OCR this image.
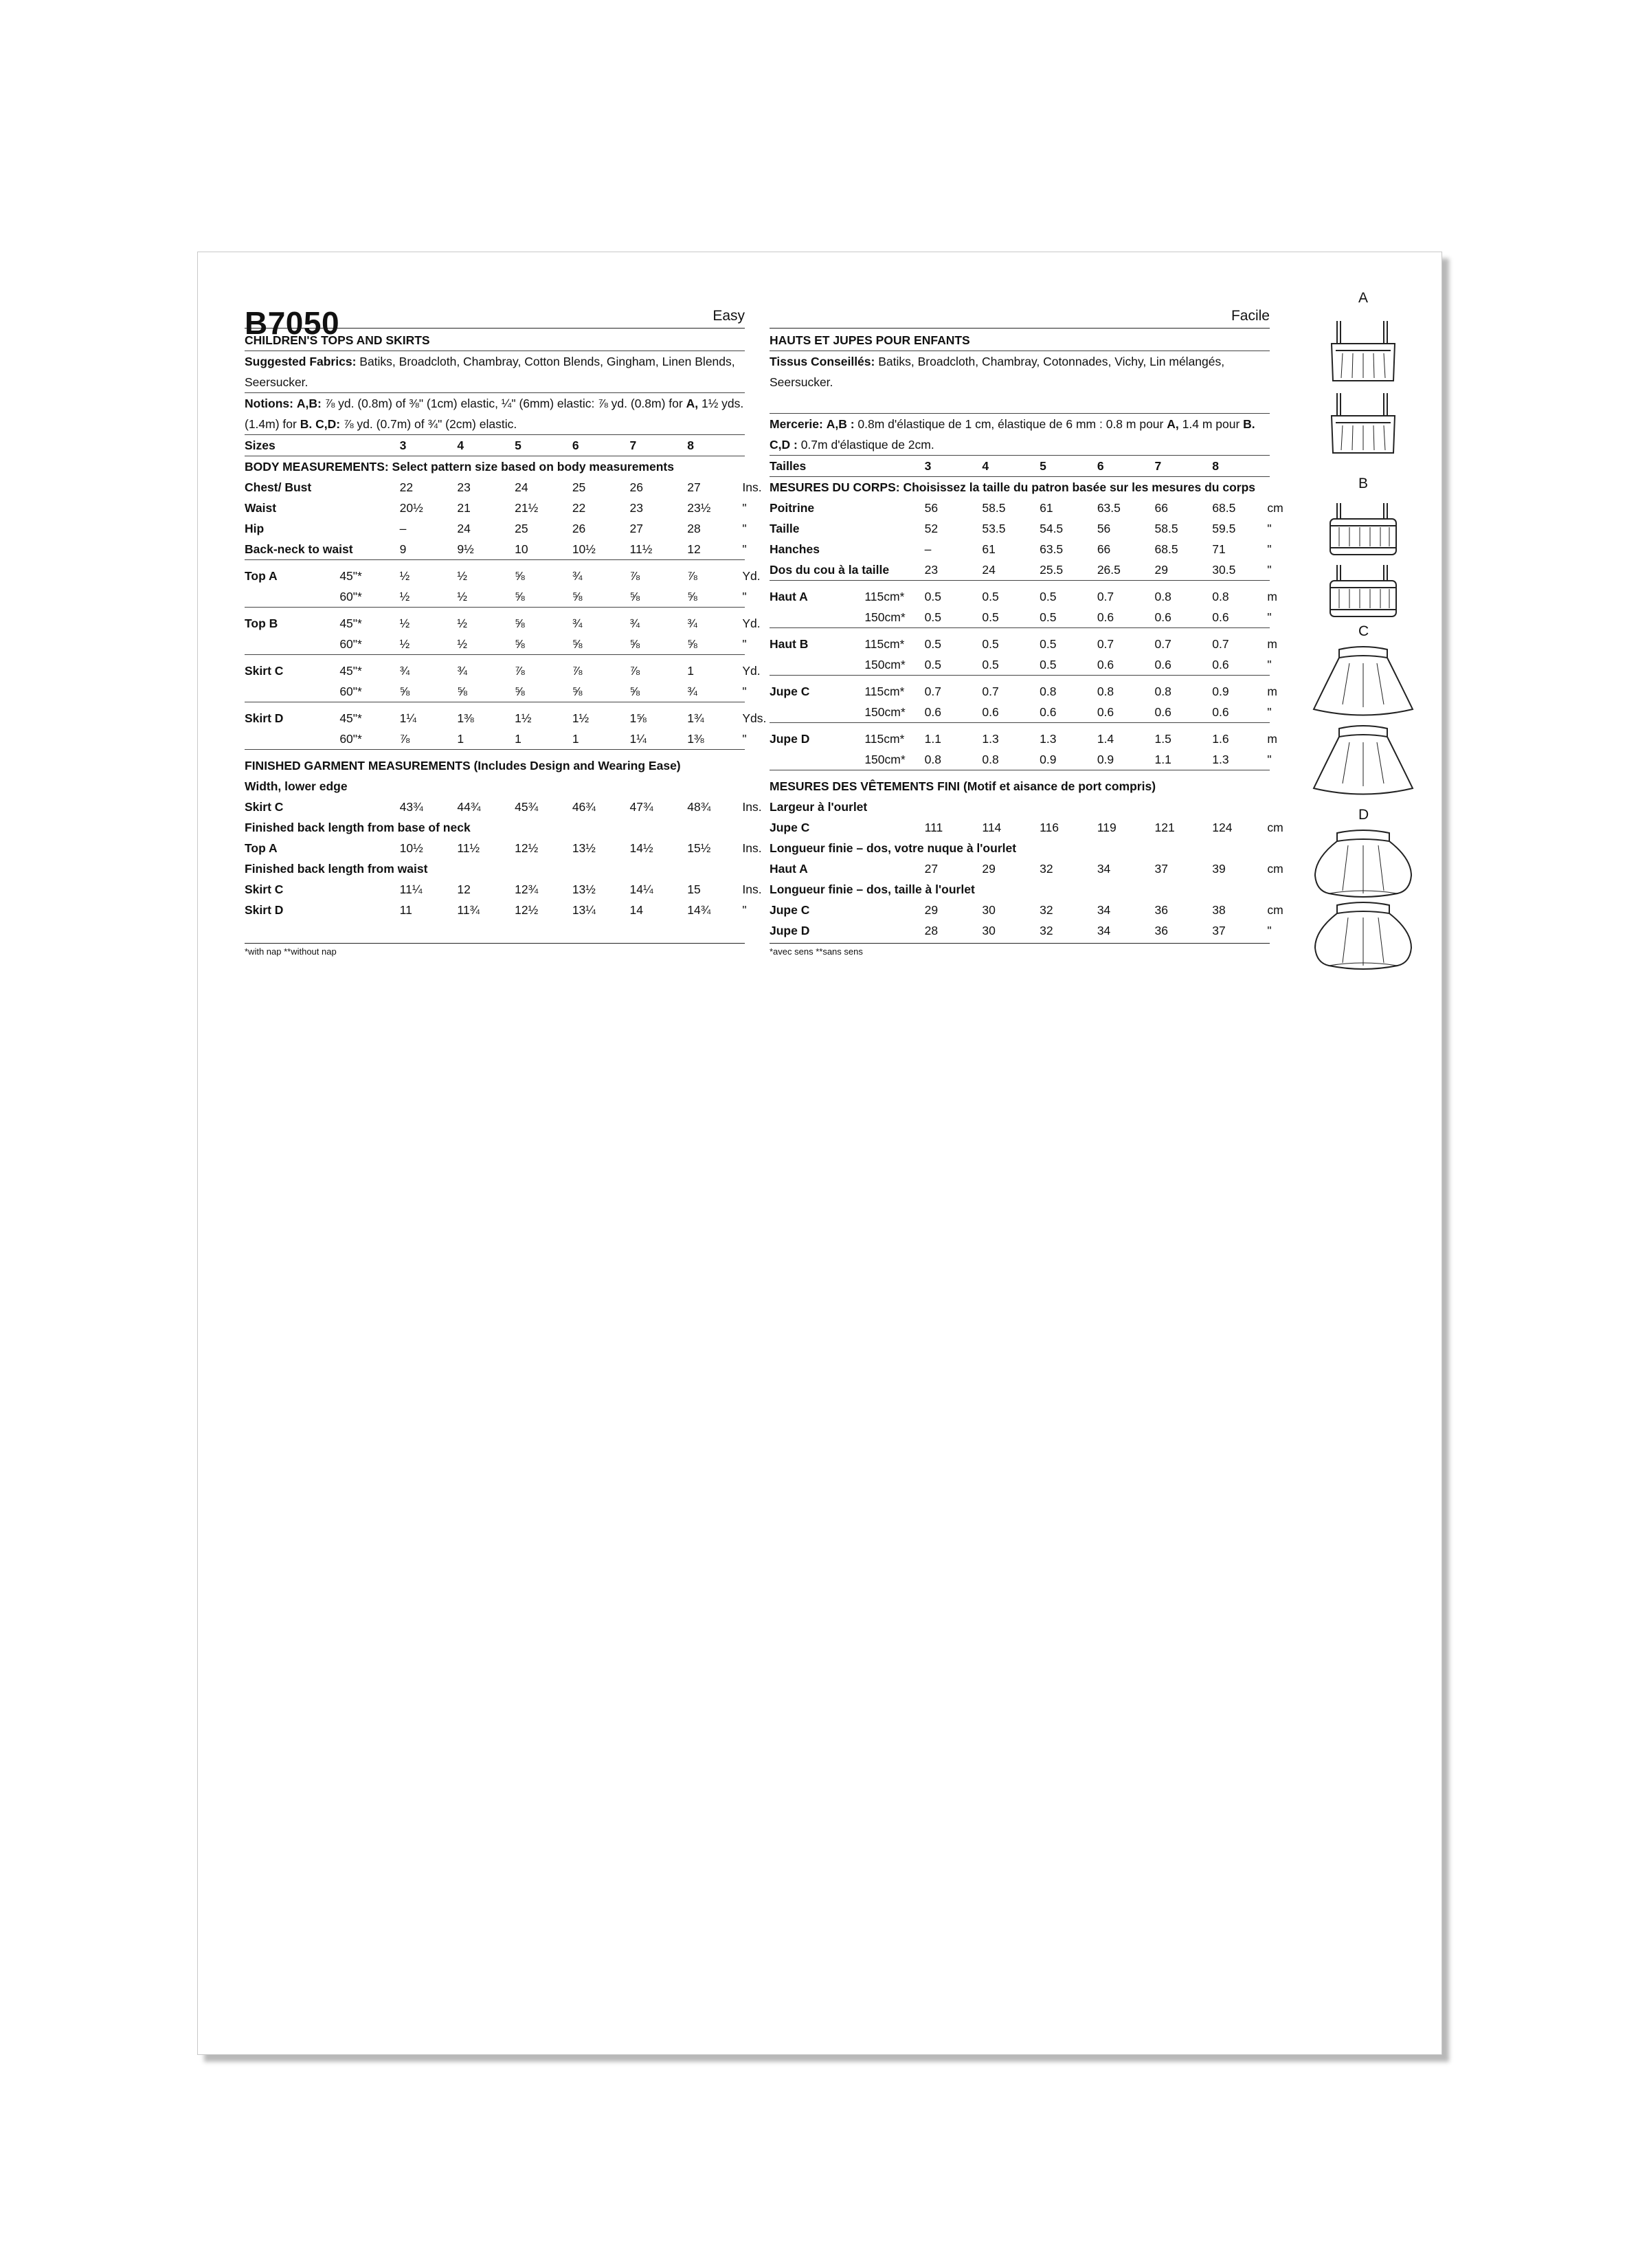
B7050	Easy
CHILDREN'S TOPS AND SKIRTS
Suggested Fabrics: Batiks, Broadcloth, Chambray, Cotton Blends, Gingham, Linen Blends, Seersucker.
Notions: A,B: ⅞ yd. (0.8m) of ⅜" (1cm) elastic, ¼" (6mm) elastic: ⅞ yd. (0.8m) for A, 1½ yds. (1.4m) for B. C,D: ⅞ yd. (0.7m) of ¾" (2cm) elastic.
Sizes		3	4	5	6	7	8	
BODY MEASUREMENTS: Select pattern size based on body measurements								
Chest/ Bust		22	23	24	25	26	27	Ins.
Waist		20½	21	21½	22	23	23½	"
Hip		–	24	25	26	27	28	"
Back-neck to waist		9	9½	10	10½	11½	12	"
Top A	45"*	½	½	⅝	¾	⅞	⅞	Yd.
	60"*	½	½	⅝	⅝	⅝	⅝	"
Top B	45"*	½	½	⅝	¾	¾	¾	Yd.
	60"*	½	½	⅝	⅝	⅝	⅝	"
Skirt C	45"*	¾	¾	⅞	⅞	⅞	1	Yd.
	60"*	⅝	⅝	⅝	⅝	⅝	¾	"
Skirt D	45"*	1¼	1⅜	1½	1½	1⅝	1¾	Yds.
	60"*	⅞	1	1	1	1¼	1⅜	"
FINISHED GARMENT MEASUREMENTS (Includes Design and Wearing Ease)								
Width, lower edge								
Skirt C		43¾	44¾	45¾	46¾	47¾	48¾	Ins.
Finished back length from base of neck								
Top A		10½	11½	12½	13½	14½	15½	Ins.
Finished back length from waist								
Skirt C		11¼	12	12¾	13½	14¼	15	Ins.
Skirt D		11	11¾	12½	13¼	14	14¾	"
Facile
HAUTS ET JUPES POUR ENFANTS
Tissus Conseillés: Batiks, Broadcloth, Chambray, Cotonnades, Vichy, Lin mélangés, Seersucker.

Mercerie: A,B : 0.8m d'élastique de 1 cm, élastique de 6 mm : 0.8 m pour A, 1.4 m pour B. C,D : 0.7m d'élastique de 2cm.
Tailles		3	4	5	6	7	8	
MESURES DU CORPS: Choisissez la taille du patron basée sur les mesures du corps								
Poitrine		56	58.5	61	63.5	66	68.5	cm
Taille		52	53.5	54.5	56	58.5	59.5	"
Hanches		–	61	63.5	66	68.5	71	"
Dos du cou à la taille		23	24	25.5	26.5	29	30.5	"
Haut A	115cm*	0.5	0.5	0.5	0.7	0.8	0.8	m
	150cm*	0.5	0.5	0.5	0.6	0.6	0.6	"
Haut B	115cm*	0.5	0.5	0.5	0.7	0.7	0.7	m
	150cm*	0.5	0.5	0.5	0.6	0.6	0.6	"
Jupe C	115cm*	0.7	0.7	0.8	0.8	0.8	0.9	m
	150cm*	0.6	0.6	0.6	0.6	0.6	0.6	"
Jupe D	115cm*	1.1	1.3	1.3	1.4	1.5	1.6	m
	150cm*	0.8	0.8	0.9	0.9	1.1	1.3	"
MESURES DES VÊTEMENTS FINI (Motif et aisance de port compris)								
Largeur à l'ourlet								
Jupe C		111	114	116	119	121	124	cm
Longueur finie – dos, votre nuque à l'ourlet								
Haut A		27	29	32	34	37	39	cm
Longueur finie – dos, taille à l'ourlet								
Jupe C		29	30	32	34	36	38	cm
Jupe D		28	30	32	34	36	37	"
*with nap **without nap	*avec sens **sans sens
A
B
C
D
